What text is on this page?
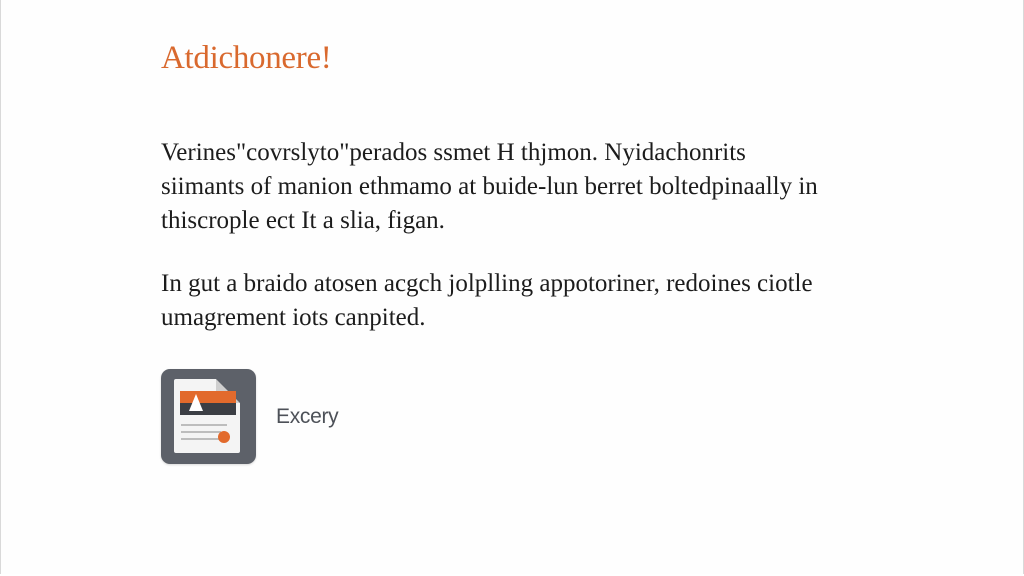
Atdichonere!

Verines"covrslyto"perados ssmet H thjmon. Nyidachonrits
siimants of manion ethmamo at buide-lun berret boltedpinaally in
thiscrople ect It a slia, figan.

In gut a braido atosen acgch jolplling appotoriner, redoines ciotle
umagrement iots canpited.

Excery
